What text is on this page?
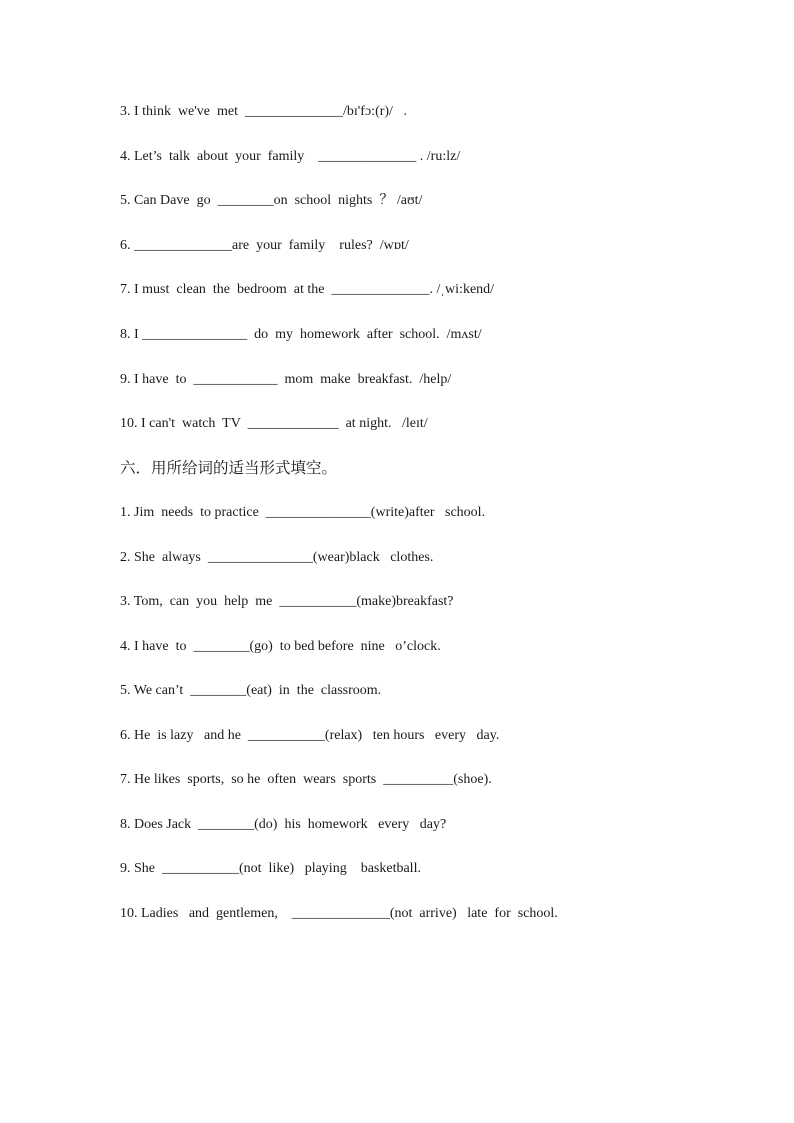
3. I think  we've  met  ______________/bɪ'fɔ:(r)/   .
4. Let’s  talk  about  your  family    ______________ . /ru:lz/
5. Can Dave  go  ________on  school  nights  ？ /aʊt/
6. ______________are  your  family    rules?  /wɒt/
7. I must  clean  the  bedroom  at the  ______________. /ˌwi:kend/
8. I _______________  do  my  homework  after  school.  /mʌst/
9. I have  to  ____________  mom  make  breakfast.  /help/
10. I can't  watch  TV  _____________  at night.   /leɪt/
六．用所给词的适当形式填空。
1. Jim  needs  to practice  _______________(write)after   school.
2. She  always  _______________(wear)black   clothes.
3. Tom,  can  you  help  me  ___________(make)breakfast?
4. I have  to  ________(go)  to bed before  nine   o’clock.
5. We can’t  ________(eat)  in  the  classroom.
6. He  is lazy   and he  ___________(relax)   ten hours   every   day.
7. He likes  sports,  so he  often  wears  sports  __________(shoe).
8. Does Jack  ________(do)  his  homework   every   day?
9. She  ___________(not  like)   playing    basketball.
10. Ladies   and  gentlemen,    ______________(not  arrive)   late  for  school.
